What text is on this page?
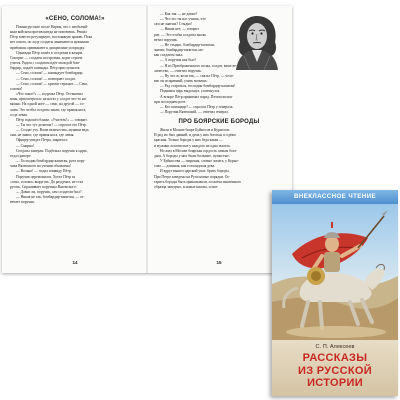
«СЕНО, СОЛОМА!»
Помни русские после Нарвы, что с необычай-
ным войском против шведа не повоюешь. Решил
Пётр завести регулярную, постоянную армию. Пока
нет опыта, по ходу солдаты занимаются нужными
приёмами, привыкают к дисциплине и порядку.
Однажды Пётр зашёл к солдатам в казарм.
Смотрит — солдаты построены, ходят строем
учатся. Рядом с солдатом идёт молодой бом-
бардир, подаёт команды. Пётр прислушался:
— Сено, солома! — командует бомбардир.
— Сено, солома! — повторяет солдат.
— Сено, солома! — кричит сержант. — Сено,
солома!
«Что такое?» — подумал Пётр. Остановил
коня, присмотрелся: на ногах у солдат что-то на-
вязано. На одной ноге — сено, на другой — со-
лома. Это чтобы солдаты знали, где правая нога,
а где левая.
Пётр подошёл ближе. «Учитель!» — говорит.
— Ты что тут делаешь? — спросил его Пётр.
— Солдат учу. Ваше величество, мужики ведь
они, не знают, где правая нога, где левая.
Офицер увидел Петра, закричал:
— Смирно!
Солдаты замерли. Подбежал поручик к царю,
отдал рапорт:
— Господин бомбардир-капитан, рота пору-
чика Вяземского на учении объявлена!
— Вольно! — подал команду Пётр.
Поручик церемонился. Хотел Пётр за
«сено, солома» выругать. Да раздумал, не стал
ругать. Спрашивает поручика Вяземского:
— Давно ли, поручик, сам солдатом был?
— Никак не так, бомбардир-капитан, — от-
вечает поручик.
14
— Как так — не давно?
— Что это ты нас учишь, что
сам не знаешь? Стыдно!
— Никак нет, — говорит
рит. — Это чтобы солдаты знали,
ветил поручик.
— Не стыдно, бомбардир-капитан,
значит, бомбардир-капитан, ни-
как солдатом знал.
— А поручик как был?
— Я из Преображенского полка, солдат, ваше ве-
личество, — ответил поручик.
— Ну что ж, коли так, — сказал Пётр, — чело-
век ты исправный, учить можешь.
— Рад стараться, господин бомбардир-капитан!
Поднявся царь выдохнул, усмехнулся.
А вскоре Пётр принимал парад. Печатали шаг
при последнем роте.
— Кто командир? — спросил Пётр у генерала.
— Поручик Вяземский, — ответил генерал.
ПРО БОЯРСКИЕ БОРОДЫ
Жили в Москве бояре Буйносов и Курносов.
И род их был давний, и дума у них богатая, и одёжа
красная. Только бороды у них беда какая —
и мужики лопатистые у каждого не одна тысяча.
Но жил в Москве боярская гордость самым бога-
дым. А бороды у них были большие, пушистые.
У Буйносова — широкая, словно лопата, у Курно-
сова — длинная, как голландская дева.
И вдруг вышел царский указ: брить бороды.
При Петре заведено на Руси новые порядки. Ос-
тарить бороды быть приказывали, и платья иноземного
образца заведено, и новые школы, и мат-
15
ВНЕКЛАССНОЕ ЧТЕНИЕ
С. П. Алексеев
РАССКАЗЫ
ИЗ РУССКОЙ
ИСТОРИИ
